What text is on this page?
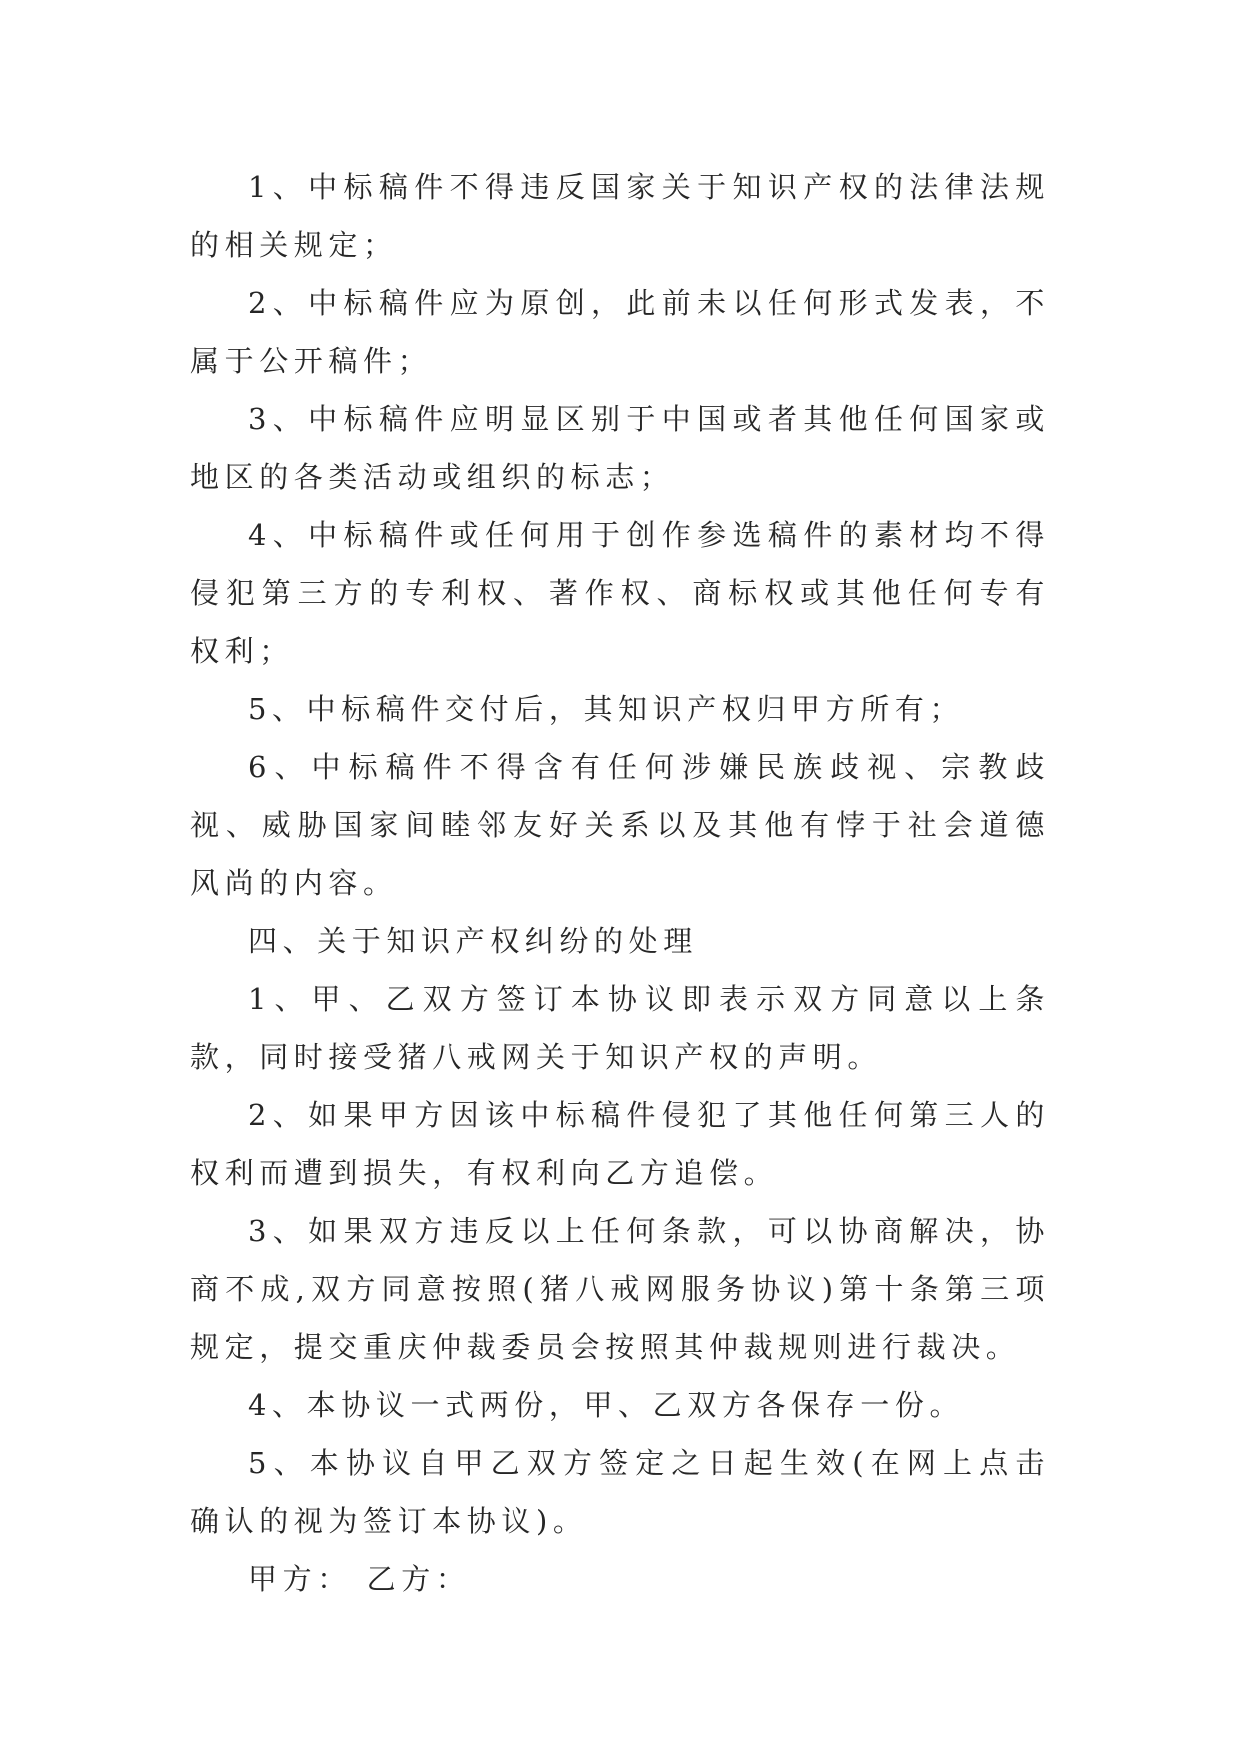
1、中标稿件不得违反国家关于知识产权的法律法规的相关规定；

2、中标稿件应为原创，此前未以任何形式发表，不属于公开稿件；

3、中标稿件应明显区别于中国或者其他任何国家或地区的各类活动或组织的标志；

4、中标稿件或任何用于创作参选稿件的素材均不得侵犯第三方的专利权、著作权、商标权或其他任何专有权利；

5、中标稿件交付后，其知识产权归甲方所有；

6、中标稿件不得含有任何涉嫌民族歧视、宗教歧视、威胁国家间睦邻友好关系以及其他有悖于社会道德风尚的内容。

四、关于知识产权纠纷的处理

1、甲、乙双方签订本协议即表示双方同意以上条款，同时接受猪八戒网关于知识产权的声明。

2、如果甲方因该中标稿件侵犯了其他任何第三人的权利而遭到损失，有权利向乙方追偿。

3、如果双方违反以上任何条款，可以协商解决，协商不成,双方同意按照(猪八戒网服务协议)第十条第三项规定，提交重庆仲裁委员会按照其仲裁规则进行裁决。

4、本协议一式两份，甲、乙双方各保存一份。

5、本协议自甲乙双方签定之日起生效(在网上点击确认的视为签订本协议)。

甲方： 乙方：
